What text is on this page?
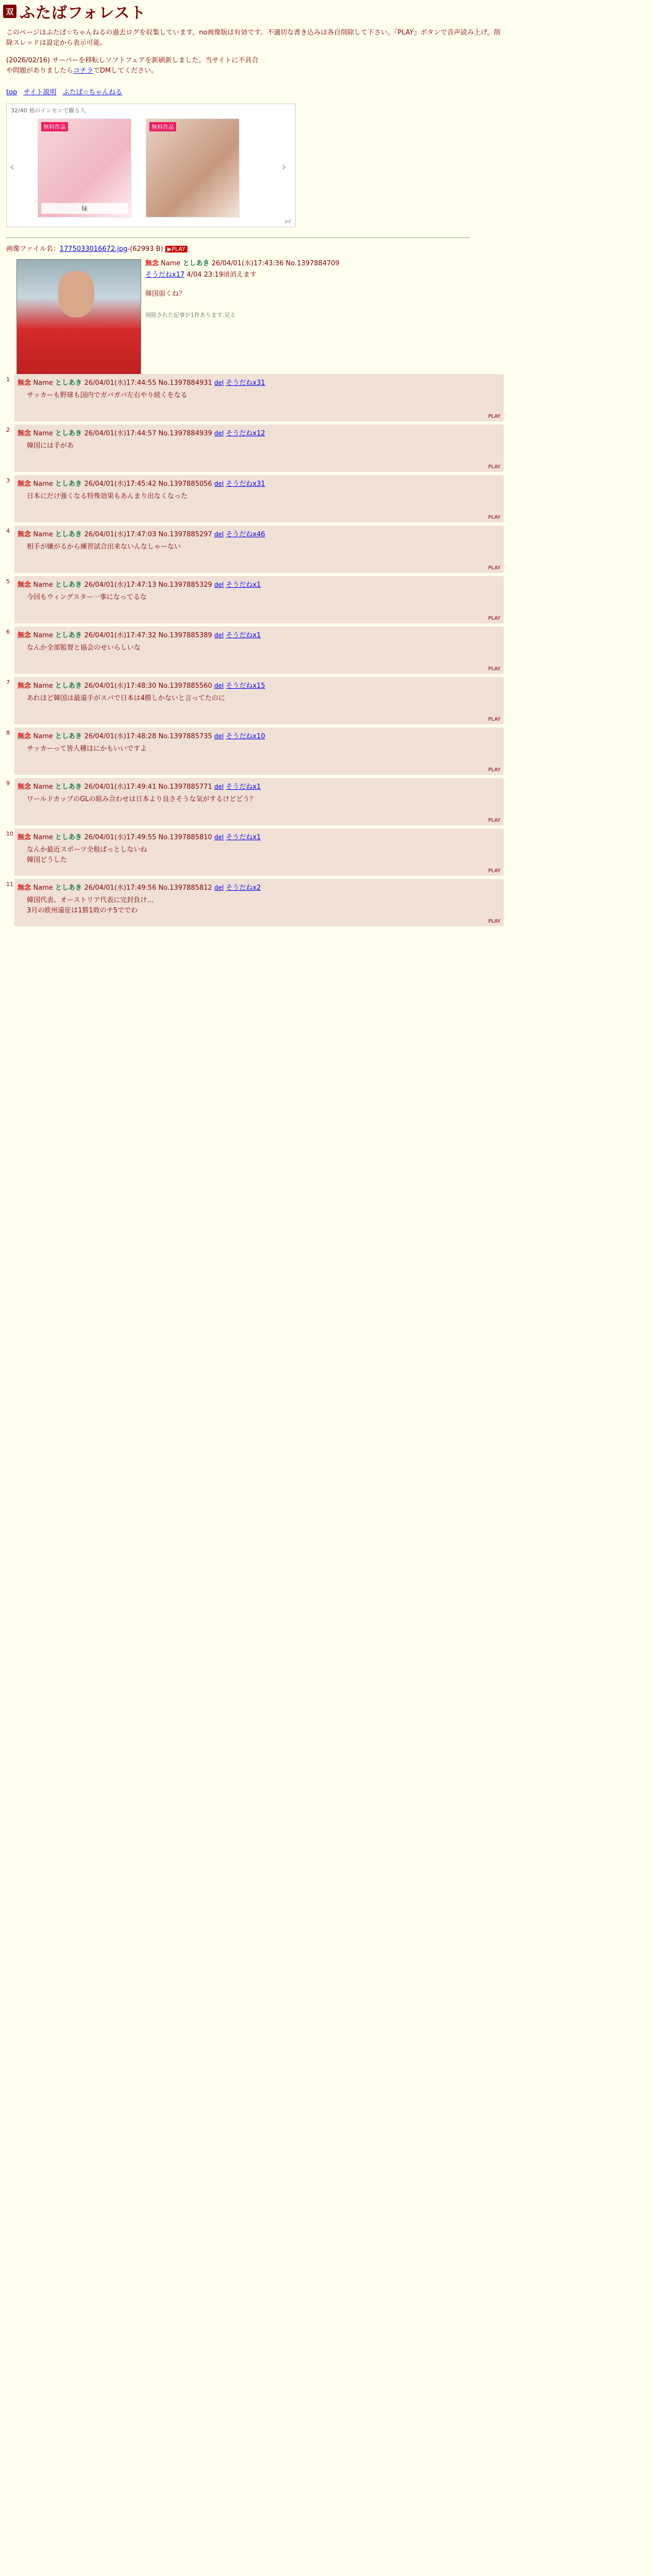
双 ふたばフォレスト
このページはふたば☆ちゃんねるの過去ログを収集しています。no画像版は有効です。不適切な書き込みは各自削除して下さい。『PLAY』ボタンで音声読み上げ。削
除スレッドは設定から表示可能。
(2026/02/16) サーバーを移転しソフトフェアを新刷新しました。当サイトに不具合
や問題がありましたらコチラでDMしてください。
top サイト説明 ふたば☆ちゃんねる
32/40 他のインセンで観る人
‹
無料作品
妹
無料作品
›
ad
画像ファイル名：1775033016672.jpg-(62993 B) ▶PLAY
無念 Name としあき 26/04/01(水)17:43:36 No.1397884709
そうだねx17 4/04 23:19頃消えます
韓国弱くね？
削除された記事が1件あります.見る
1 無念 Name としあき 26/04/01(水)17:44:55 No.1397884931 del そうだねx31
サッカーも野球も国内でガバガバ左右やり続くをなる
PLAY
2 無念 Name としあき 26/04/01(水)17:44:57 No.1397884939 del そうだねx12
韓国には手があ
PLAY
3 無念 Name としあき 26/04/01(水)17:45:42 No.1397885056 del そうだねx31
日本にだけ強くなる特殊効果もあんまり出なくなった
PLAY
4 無念 Name としあき 26/04/01(水)17:47:03 No.1397885297 del そうだねx46
相手が嫌がるから練習試合出来ないんなしゃーない
PLAY
5 無念 Name としあき 26/04/01(水)17:47:13 No.1397885329 del そうだねx1
今回もウィングスター一事になってるな
PLAY
6 無念 Name としあき 26/04/01(水)17:47:32 No.1397885389 del そうだねx1
なんか全部監督と協会のせいらしいな
PLAY
7 無念 Name としあき 26/04/01(水)17:48:30 No.1397885560 del そうだねx15
あれほど韓国は最遠手がスバで日本は4勝しかないと言ってたのに
PLAY
8 無念 Name としあき 26/04/01(水)17:48:28 No.1397885735 del そうだねx10
サッカーって皆人種ほにかもいいですよ
PLAY
9 無念 Name としあき 26/04/01(水)17:49:41 No.1397885771 del そうだねx1
ワールドカップのGLの組み合わせは日本より良さそうな気がするけどどう？
PLAY
10 無念 Name としあき 26/04/01(水)17:49:55 No.1397885810 del そうだねx1
なんか最近スポーツ全般ぱっとしないね
韓国どうした
PLAY
11 無念 Name としあき 26/04/01(水)17:49:56 No.1397885812 del そうだねx2
韓国代表、オーストリア代表に完封負け…
3月の欧州遠征は1勝1敗のチ5ででわ
PLAY
